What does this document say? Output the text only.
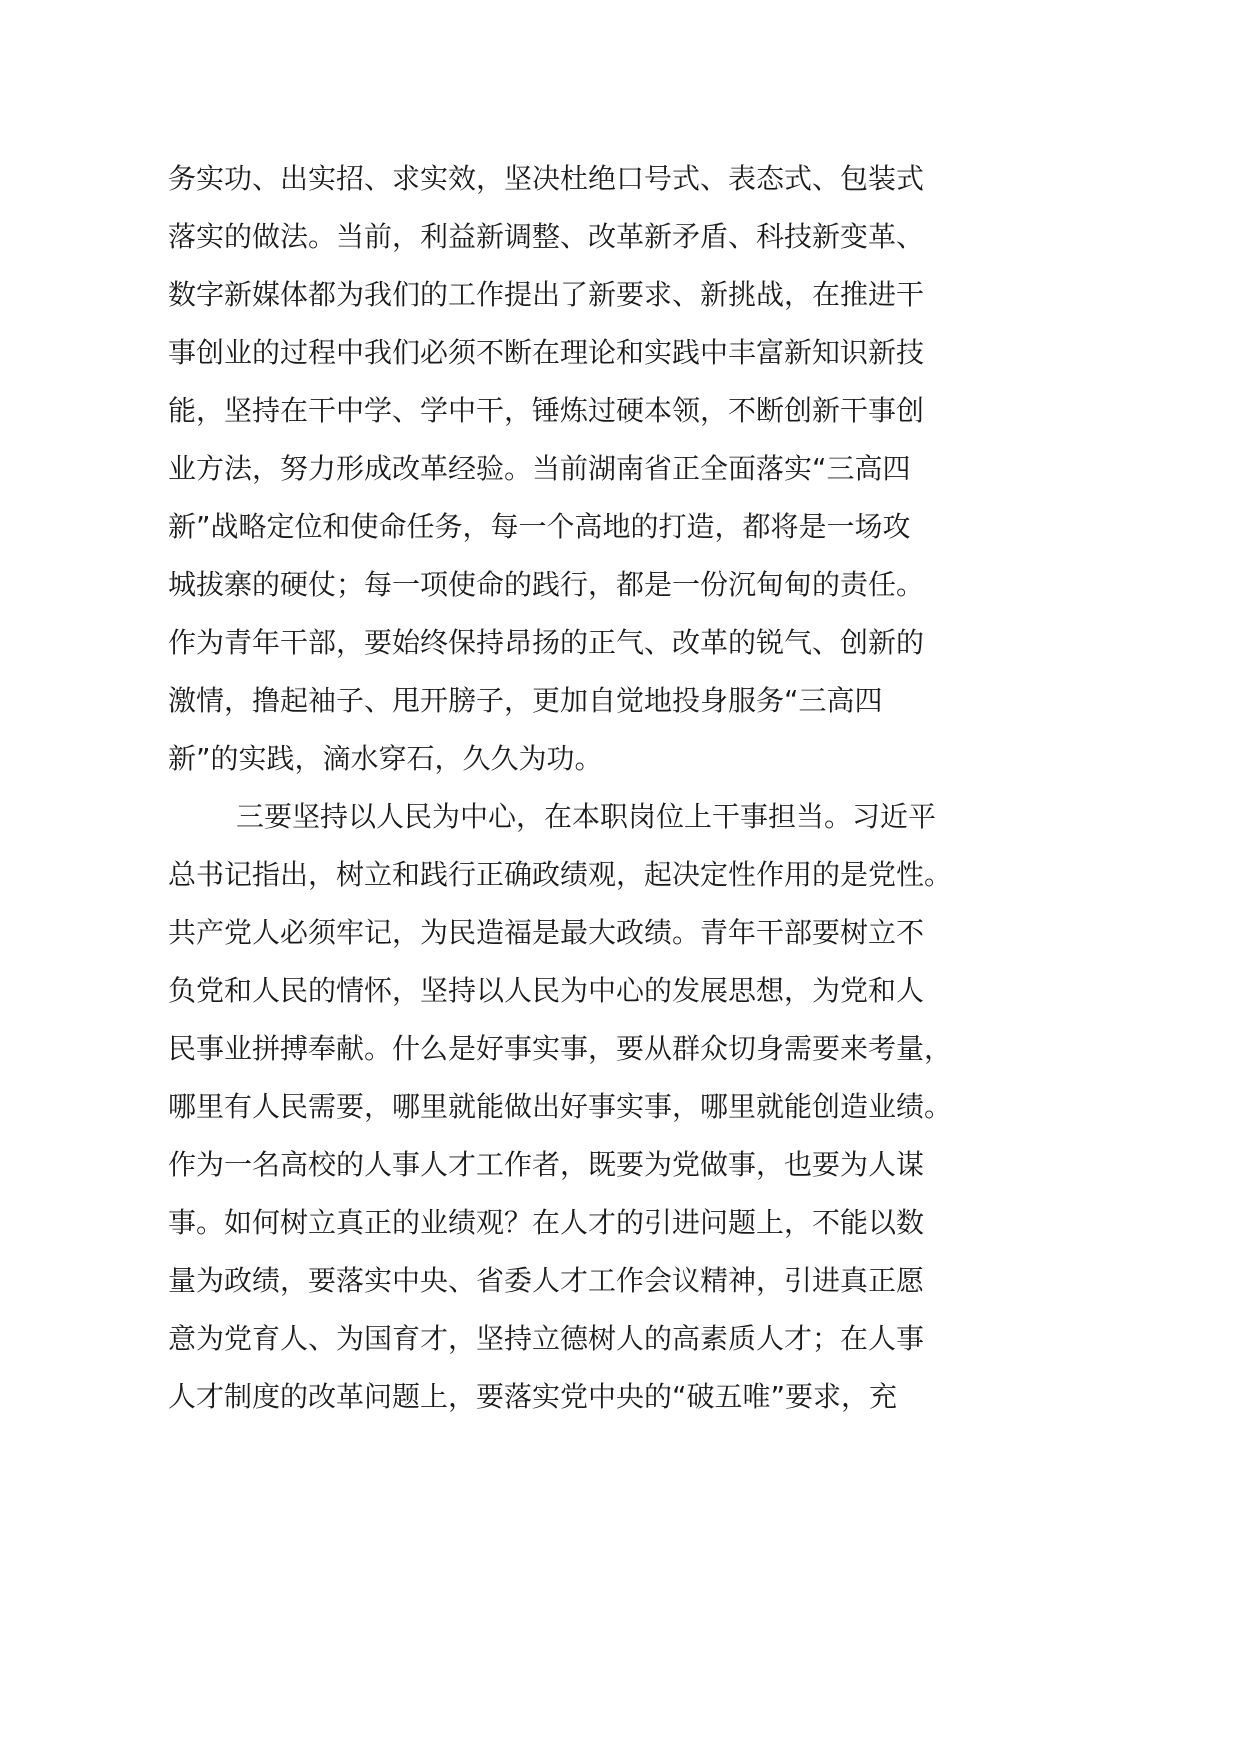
务实功、出实招、求实效，坚决杜绝口号式、表态式、包装式
落实的做法。当前，利益新调整、改革新矛盾、科技新变革、
数字新媒体都为我们的工作提出了新要求、新挑战，在推进干
事创业的过程中我们必须不断在理论和实践中丰富新知识新技
能，坚持在干中学、学中干，锤炼过硬本领，不断创新干事创
业方法，努力形成改革经验。当前湖南省正全面落实“三高四
新”战略定位和使命任务，每一个高地的打造，都将是一场攻
城拔寨的硬仗；每一项使命的践行，都是一份沉甸甸的责任。
作为青年干部，要始终保持昂扬的正气、改革的锐气、创新的
激情，撸起袖子、甩开膀子，更加自觉地投身服务“三高四
新”的实践，滴水穿石，久久为功。
三要坚持以人民为中心，在本职岗位上干事担当。习近平
总书记指出，树立和践行正确政绩观，起决定性作用的是党性。
共产党人必须牢记，为民造福是最大政绩。青年干部要树立不
负党和人民的情怀，坚持以人民为中心的发展思想，为党和人
民事业拼搏奉献。什么是好事实事，要从群众切身需要来考量，
哪里有人民需要，哪里就能做出好事实事，哪里就能创造业绩。
作为一名高校的人事人才工作者，既要为党做事，也要为人谋
事。如何树立真正的业绩观？在人才的引进问题上，不能以数
量为政绩，要落实中央、省委人才工作会议精神，引进真正愿
意为党育人、为国育才，坚持立德树人的高素质人才；在人事
人才制度的改革问题上，要落实党中央的“破五唯”要求，充
